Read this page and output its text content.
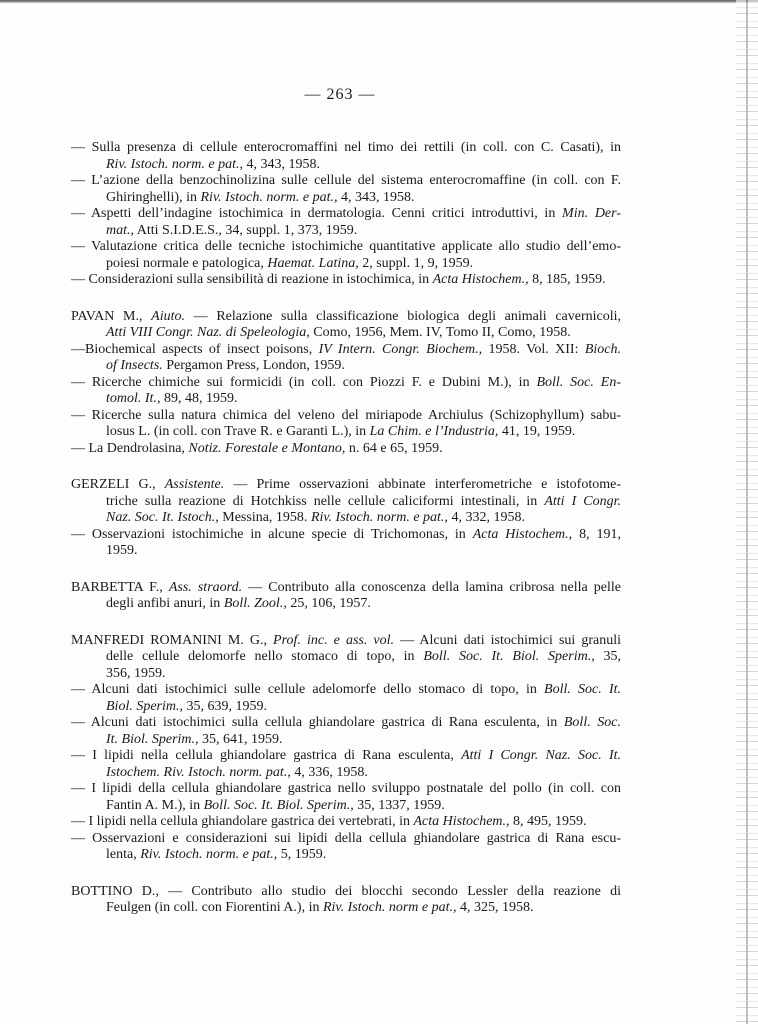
— 263 —
— Sulla presenza di cellule enterocromaffini nel timo dei rettili (in coll. con C. Casati), in
Riv. Istoch. norm. e pat., 4, 343, 1958.
— L’azione della benzochinolizina sulle cellule del sistema enterocromaffine (in coll. con F.
Ghiringhelli), in Riv. Istoch. norm. e pat., 4, 343, 1958.
— Aspetti dell’indagine istochimica in dermatologia. Cenni critici introduttivi, in Min. Der-
mat., Atti S.I.D.E.S., 34, suppl. 1, 373, 1959.
— Valutazione critica delle tecniche istochimiche quantitative applicate allo studio dell’emo-
poiesi normale e patologica, Haemat. Latina, 2, suppl. 1, 9, 1959.
— Considerazioni sulla sensibilità di reazione in istochimica, in Acta Histochem., 8, 185, 1959.
PAVAN M., Aiuto. — Relazione sulla classificazione biologica degli animali cavernicoli,
Atti VIII Congr. Naz. di Speleologia, Como, 1956, Mem. IV, Tomo II, Como, 1958.
—Biochemical aspects of insect poisons, IV Intern. Congr. Biochem., 1958. Vol. XII: Bioch.
of Insects. Pergamon Press, London, 1959.
— Ricerche chimiche sui formicidi (in coll. con Piozzi F. e Dubini M.), in Boll. Soc. En-
tomol. It., 89, 48, 1959.
— Ricerche sulla natura chimica del veleno del miriapode Archiulus (Schizophyllum) sabu-
losus L. (in coll. con Trave R. e Garanti L.), in La Chim. e l’Industria, 41, 19, 1959.
— La Dendrolasina, Notiz. Forestale e Montano, n. 64 e 65, 1959.
GERZELI G., Assistente. — Prime osservazioni abbinate interferometriche e istofotome-
triche sulla reazione di Hotchkiss nelle cellule caliciformi intestinali, in Atti I Congr.
Naz. Soc. It. Istoch., Messina, 1958. Riv. Istoch. norm. e pat., 4, 332, 1958.
— Osservazioni istochimiche in alcune specie di Trichomonas, in Acta Histochem., 8, 191,
1959.
BARBETTA F., Ass. straord. — Contributo alla conoscenza della lamina cribrosa nella pelle
degli anfibi anuri, in Boll. Zool., 25, 106, 1957.
MANFREDI ROMANINI M. G., Prof. inc. e ass. vol. — Alcuni dati istochimici sui granuli
delle cellule delomorfe nello stomaco di topo, in Boll. Soc. It. Biol. Sperim., 35,
356, 1959.
— Alcuni dati istochimici sulle cellule adelomorfe dello stomaco di topo, in Boll. Soc. It.
Biol. Sperim., 35, 639, 1959.
— Alcuni dati istochimici sulla cellula ghiandolare gastrica di Rana esculenta, in Boll. Soc.
It. Biol. Sperim., 35, 641, 1959.
— I lipidi nella cellula ghiandolare gastrica di Rana esculenta, Atti I Congr. Naz. Soc. It.
Istochem. Riv. Istoch. norm. pat., 4, 336, 1958.
— I lipidi della cellula ghiandolare gastrica nello sviluppo postnatale del pollo (in coll. con
Fantin A. M.), in Boll. Soc. It. Biol. Sperim., 35, 1337, 1959.
— I lipidi nella cellula ghiandolare gastrica dei vertebrati, in Acta Histochem., 8, 495, 1959.
— Osservazioni e considerazioni sui lipidi della cellula ghiandolare gastrica di Rana escu-
lenta, Riv. Istoch. norm. e pat., 5, 1959.
BOTTINO D., — Contributo allo studio dei blocchi secondo Lessler della reazione di
Feulgen (in coll. con Fiorentini A.), in Riv. Istoch. norm e pat., 4, 325, 1958.
